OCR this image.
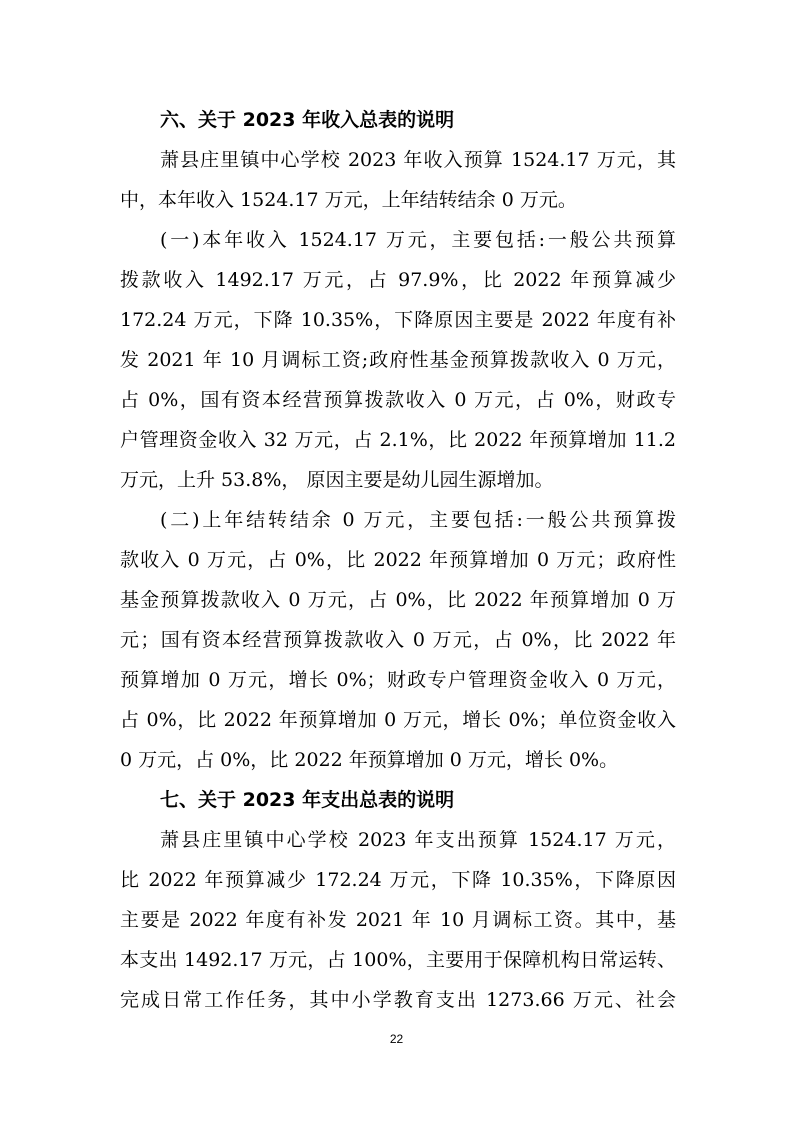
六、关于 2023 年收入总表的说明

萧县庄里镇中心学校 2023 年收入预算 1524.17 万元，其
中，本年收入 1524.17 万元，上年结转结余 0 万元。

(一)本年收入 1524.17 万元，主要包括:一般公共预算
拨款收入 1492.17 万元，占 97.9%，比 2022 年预算减少
172.24 万元，下降 10.35%，下降原因主要是 2022 年度有补
发 2021 年 10 月调标工资;政府性基金预算拨款收入 0 万元，
占 0%，国有资本经营预算拨款收入 0 万元，占 0%，财政专
户管理资金收入 32 万元，占 2.1%，比 2022 年预算增加 11.2
万元，上升 53.8%， 原因主要是幼儿园生源增加。

(二)上年结转结余 0 万元，主要包括:一般公共预算拨
款收入 0 万元，占 0%，比 2022 年预算增加 0 万元；政府性
基金预算拨款收入 0 万元，占 0%，比 2022 年预算增加 0 万
元；国有资本经营预算拨款收入 0 万元，占 0%，比 2022 年
预算增加 0 万元，增长 0%；财政专户管理资金收入 0 万元，
占 0%，比 2022 年预算增加 0 万元，增长 0%；单位资金收入
0 万元，占 0%，比 2022 年预算增加 0 万元，增长 0%。

七、关于 2023 年支出总表的说明

萧县庄里镇中心学校 2023 年支出预算 1524.17 万元，
比 2022 年预算减少 172.24 万元，下降 10.35%，下降原因
主要是 2022 年度有补发 2021 年 10 月调标工资。其中，基
本支出 1492.17 万元，占 100%，主要用于保障机构日常运转、
完成日常工作任务，其中小学教育支出 1273.66 万元、社会

22
